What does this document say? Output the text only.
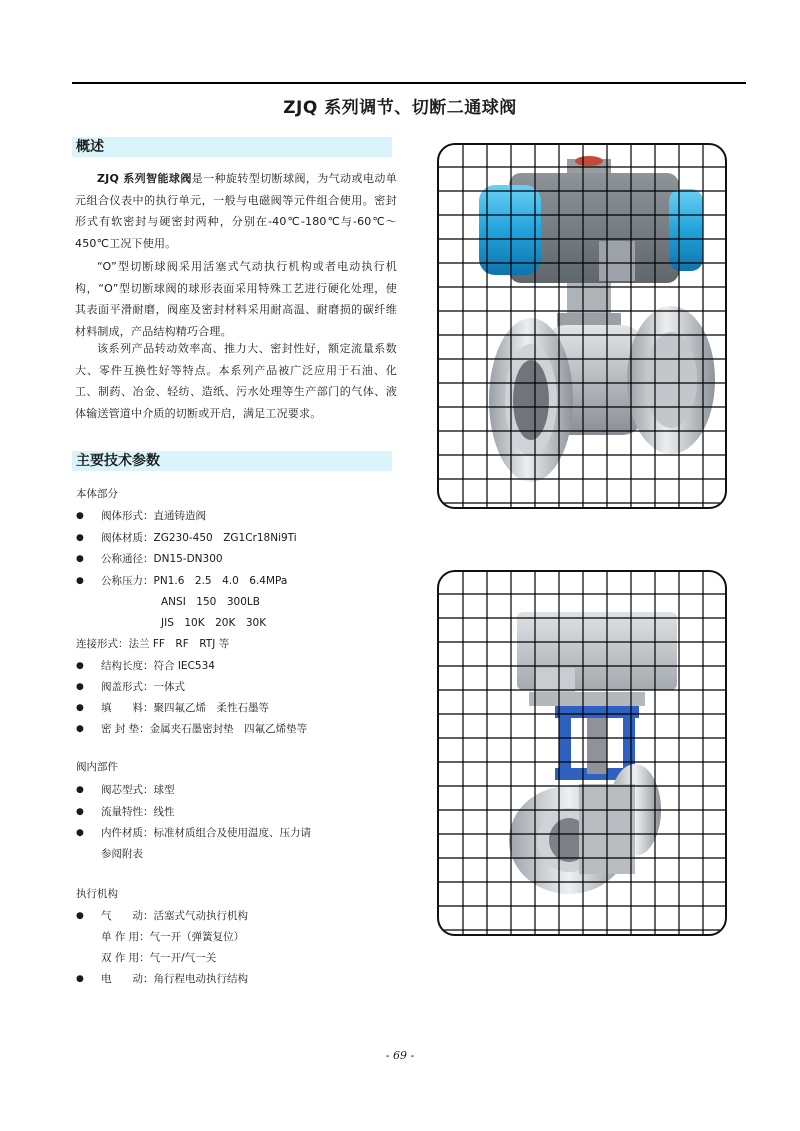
ZJQ 系列调节、切断二通球阀
概述
ZJQ 系列智能球阀是一种旋转型切断球阀，为气动或电动单元组合仪表中的执行单元，一般与电磁阀等元件组合使用。密封形式有软密封与硬密封两种，分别在-40℃-180℃与-60℃～450℃工况下使用。
“O”型切断球阀采用活塞式气动执行机构或者电动执行机构，“O”型切断球阀的球形表面采用特殊工艺进行硬化处理，使其表面平滑耐磨，阀座及密封材料采用耐高温、耐磨损的碳纤维材料制成，产品结构精巧合理。
该系列产品转动效率高、推力大、密封性好，额定流量系数大、零件互换性好等特点。本系列产品被广泛应用于石油、化工、制药、冶金、轻纺、造纸、污水处理等生产部门的气体、液体输送管道中介质的切断或开启，满足工况要求。
主要技术参数
本体部分
● 阀体形式：直通铸造阀
● 阀体材质：ZG230-450　ZG1Cr18Ni9Ti
● 公称通径：DN15-DN300
● 公称压力：PN1.6　2.5　4.0　6.4MPa
ANSI　150　300LB
JIS　10K　20K　30K
连接形式：法兰 FF　RF　RTJ 等
● 结构长度：符合 IEC534
● 阀盖形式：一体式
● 填　　料：聚四氟乙烯　柔性石墨等
● 密 封 垫：金属夹石墨密封垫　四氟乙烯垫等
阀内部件
● 阀芯型式：球型
● 流量特性：线性
● 内件材质：标准材质组合及使用温度、压力请
参阅附表
执行机构
● 气　　动：活塞式气动执行机构
单 作 用：气一开（弹簧复位）
双 作 用：气一开/气一关
● 电　　动：角行程电动执行结构
- 69 -
